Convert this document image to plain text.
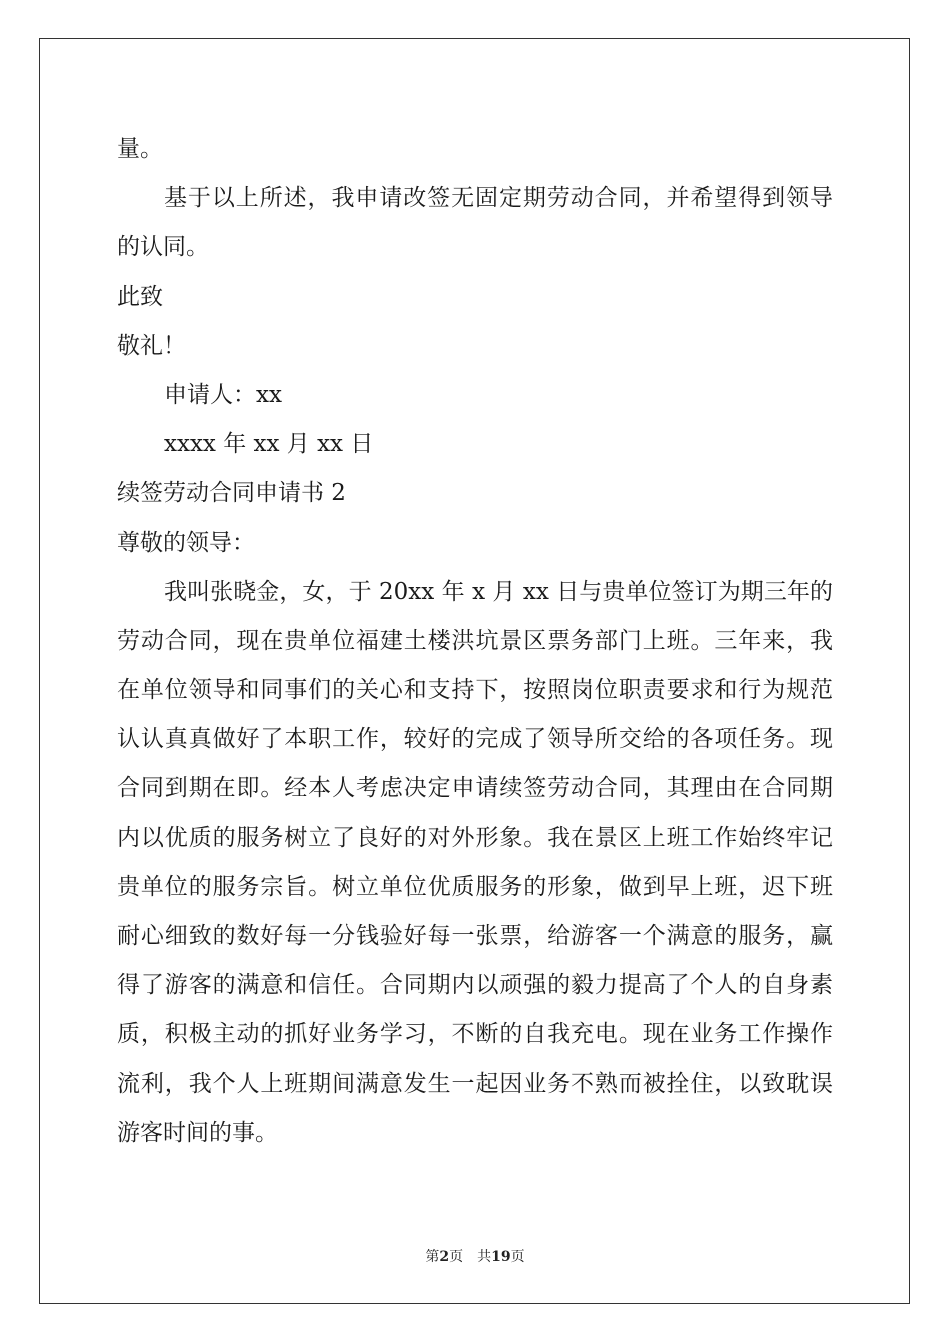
量。
基于以上所述，我申请改签无固定期劳动合同，并希望得到领导
的认同。
此致
敬礼！
申请人：xx
xxxx 年 xx 月 xx 日
续签劳动合同申请书 2
尊敬的领导：
我叫张晓金，女，于 20xx 年 x 月 xx 日与贵单位签订为期三年的
劳动合同，现在贵单位福建土楼洪坑景区票务部门上班。三年来，我
在单位领导和同事们的关心和支持下，按照岗位职责要求和行为规范
认认真真做好了本职工作，较好的完成了领导所交给的各项任务。现
合同到期在即。经本人考虑决定申请续签劳动合同，其理由在合同期
内以优质的服务树立了良好的对外形象。我在景区上班工作始终牢记
贵单位的服务宗旨。树立单位优质服务的形象，做到早上班，迟下班
耐心细致的数好每一分钱验好每一张票，给游客一个满意的服务，赢
得了游客的满意和信任。合同期内以顽强的毅力提高了个人的自身素
质，积极主动的抓好业务学习，不断的自我充电。现在业务工作操作
流利，我个人上班期间满意发生一起因业务不熟而被拴住，以致耽误
游客时间的事。
第2页 共19页
